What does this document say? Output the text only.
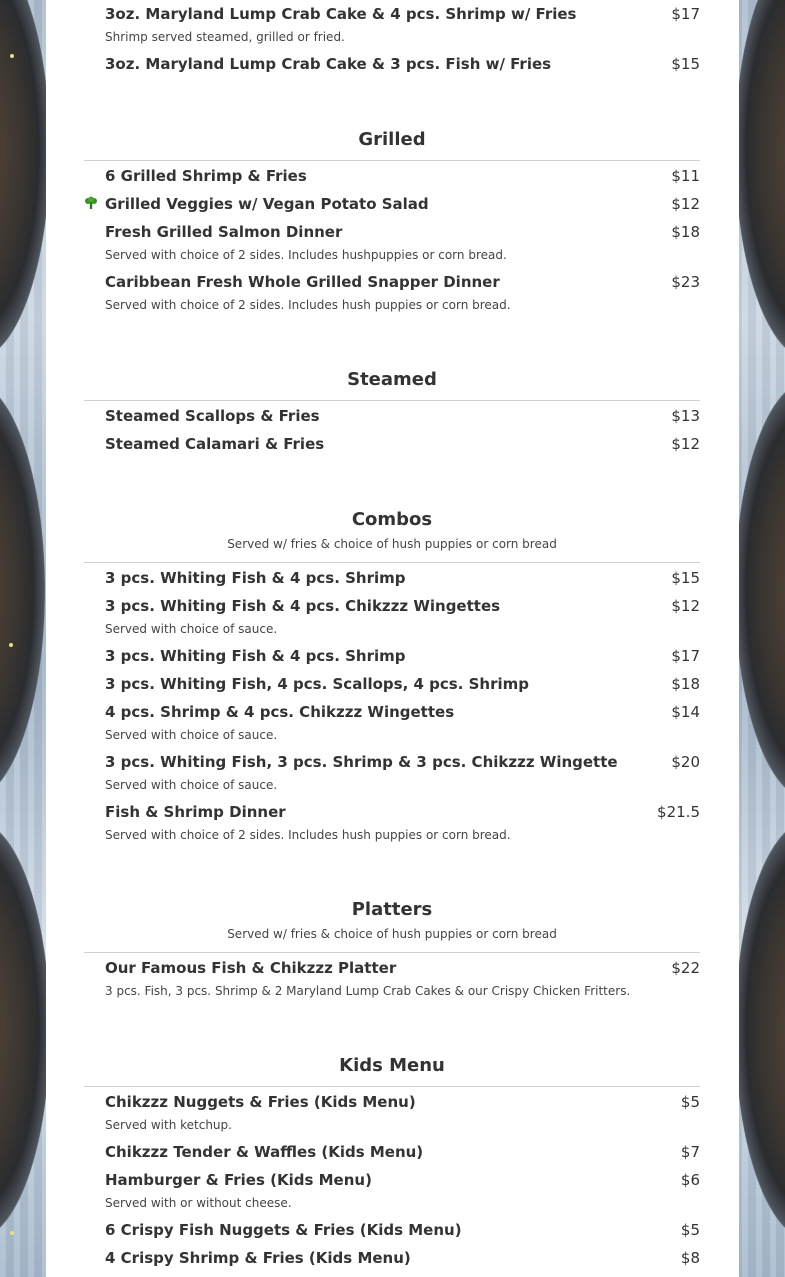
3oz. Maryland Lump Crab Cake & 4 pcs. Shrimp w/ Fries	$17
Shrimp served steamed, grilled or fried.
3oz. Maryland Lump Crab Cake & 3 pcs. Fish w/ Fries	$15
Grilled
6 Grilled Shrimp & Fries	$11
Grilled Veggies w/ Vegan Potato Salad	$12
Fresh Grilled Salmon Dinner	$18
Served with choice of 2 sides. Includes hushpuppies or corn bread.
Caribbean Fresh Whole Grilled Snapper Dinner	$23
Served with choice of 2 sides. Includes hush puppies or corn bread.
Steamed
Steamed Scallops & Fries	$13
Steamed Calamari & Fries	$12
Combos
Served w/ fries & choice of hush puppies or corn bread
3 pcs. Whiting Fish & 4 pcs. Shrimp	$15
3 pcs. Whiting Fish & 4 pcs. Chikzzz Wingettes	$12
Served with choice of sauce.
3 pcs. Whiting Fish & 4 pcs. Shrimp	$17
3 pcs. Whiting Fish, 4 pcs. Scallops, 4 pcs. Shrimp	$18
4 pcs. Shrimp & 4 pcs. Chikzzz Wingettes	$14
Served with choice of sauce.
3 pcs. Whiting Fish, 3 pcs. Shrimp & 3 pcs. Chikzzz Wingette	$20
Served with choice of sauce.
Fish & Shrimp Dinner	$21.5
Served with choice of 2 sides. Includes hush puppies or corn bread.
Platters
Served w/ fries & choice of hush puppies or corn bread
Our Famous Fish & Chikzzz Platter	$22
3 pcs. Fish, 3 pcs. Shrimp & 2 Maryland Lump Crab Cakes & our Crispy Chicken Fritters.
Kids Menu
Chikzzz Nuggets & Fries (Kids Menu)	$5
Served with ketchup.
Chikzzz Tender & Waffles (Kids Menu)	$7
Hamburger & Fries (Kids Menu)	$6
Served with or without cheese.
6 Crispy Fish Nuggets & Fries (Kids Menu)	$5
4 Crispy Shrimp & Fries (Kids Menu)	$8
